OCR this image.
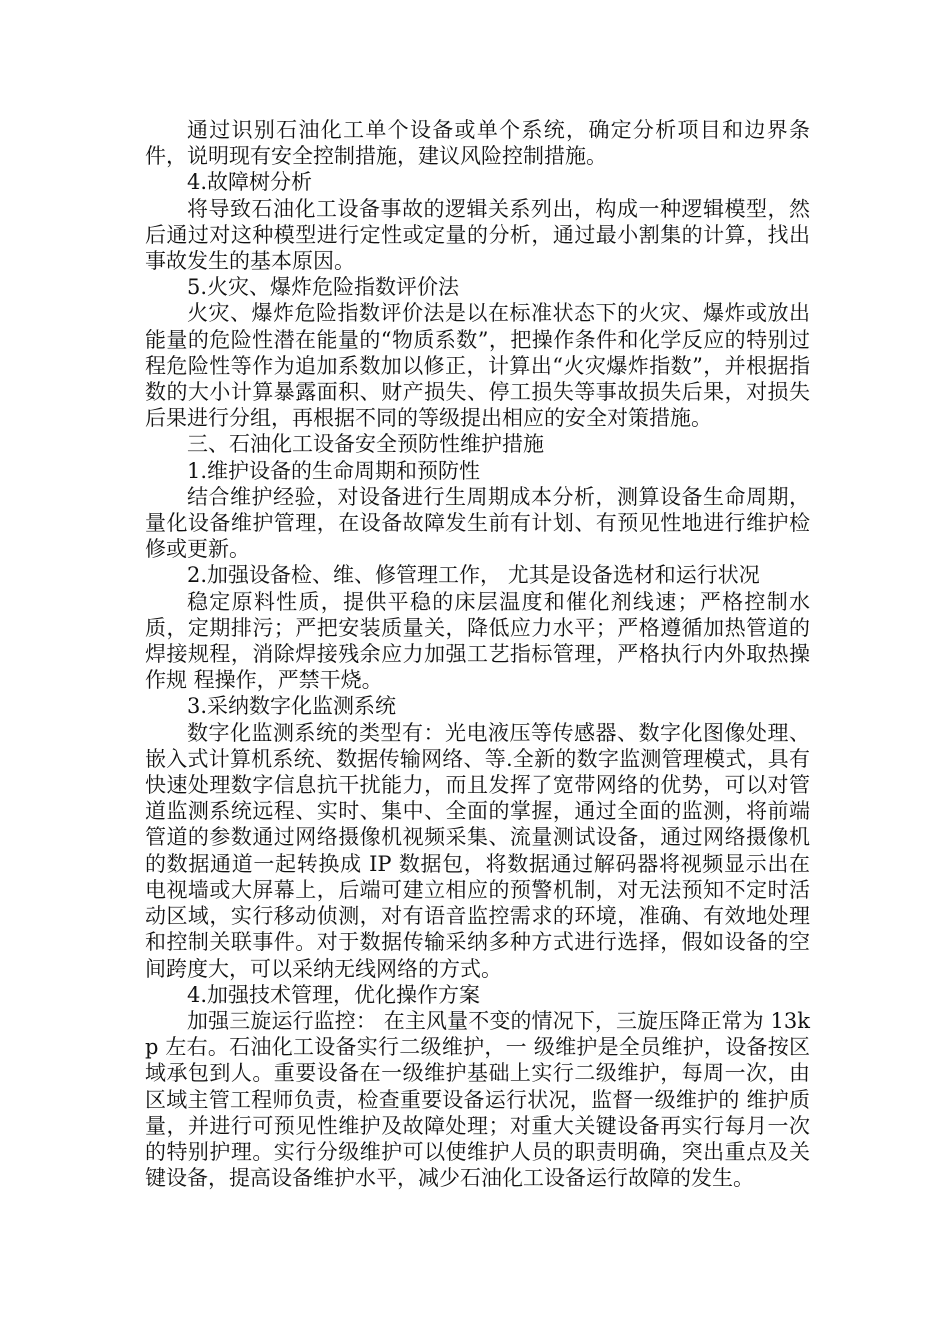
通过识别石油化工单个设备或单个系统，确定分析项目和边界条件，说明现有安全控制措施，建议风险控制措施。

4.故障树分析

将导致石油化工设备事故的逻辑关系列出，构成一种逻辑模型，然后通过对这种模型进行定性或定量的分析，通过最小割集的计算，找出事故发生的基本原因。

5.火灾、爆炸危险指数评价法

火灾、爆炸危险指数评价法是以在标准状态下的火灾、爆炸或放出能量的危险性潜在能量的“物质系数”，把操作条件和化学反应的特别过程危险性等作为追加系数加以修正，计算出“火灾爆炸指数”，并根据指数的大小计算暴露面积、财产损失、停工损失等事故损失后果，对损失后果进行分组，再根据不同的等级提出相应的安全对策措施。

三、石油化工设备安全预防性维护措施

1.维护设备的生命周期和预防性

结合维护经验，对设备进行生周期成本分析，测算设备生命周期，量化设备维护管理，在设备故障发生前有计划、有预见性地进行维护检修或更新。

2.加强设备检、维、修管理工作， 尤其是设备选材和运行状况

稳定原料性质，提供平稳的床层温度和催化剂线速；严格控制水质，定期排污；严把安装质量关，降低应力水平；严格遵循加热管道的焊接规程，消除焊接残余应力加强工艺指标管理，严格执行内外取热操作规 程操作，严禁干烧。

3.采纳数字化监测系统

数字化监测系统的类型有：光电液压等传感器、数字化图像处理、嵌入式计算机系统、数据传输网络、等.全新的数字监测管理模式，具有快速处理数字信息抗干扰能力，而且发挥了宽带网络的优势，可以对管道监测系统远程、实时、集中、全面的掌握，通过全面的监测，将前端管道的参数通过网络摄像机视频采集、流量测试设备，通过网络摄像机的数据通道一起转换成 IP 数据包，将数据通过解码器将视频显示出在电视墙或大屏幕上，后端可建立相应的预警机制，对无法预知不定时活动区域，实行移动侦测，对有语音监控需求的环境，准确、有效地处理和控制关联事件。对于数据传输采纳多种方式进行选择，假如设备的空间跨度大，可以采纳无线网络的方式。

4.加强技术管理，优化操作方案

加强三旋运行监控： 在主风量不变的情况下，三旋压降正常为 13k p 左右。石油化工设备实行二级维护，一 级维护是全员维护，设备按区域承包到人。重要设备在一级维护基础上实行二级维护，每周一次，由区域主管工程师负责，检查重要设备运行状况，监督一级维护的 维护质量，并进行可预见性维护及故障处理；对重大关键设备再实行每月一次的特别护理。实行分级维护可以使维护人员的职责明确，突出重点及关键设备，提高设备维护水平，减少石油化工设备运行故障的发生。
